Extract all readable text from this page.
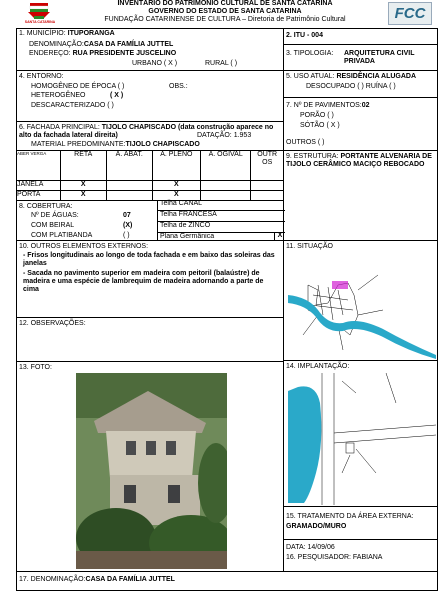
SANTA CATARINA
INVENTÁRIO DO PATRIMÔNIO CULTURAL DE SANTA CATARINA
GOVERNO DO ESTADO DE SANTA CATARINA
FUNDAÇÃO CATARINENSE DE CULTURA – Diretoria de Patrimônio Cultural	FCC
1. MUNICÍPIO: ITUPORANGA
DENOMINAÇÃO:CASA DA FAMÍLIA JUTTEL
ENDEREÇO: RUA PRESIDENTE JUSCELINO
URBANO ( X )	RURAL ( )
2. ITU - 004
3. TIPOLOGIA: ARQUITETURA CIVIL PRIVADA
4. ENTORNO:
HOMOGÊNEO DE ÉPOCA ( )	OBS.:
HETEROGÊNEO	( X )
DESCARACTERIZADO ( )
5. USO ATUAL: RESIDÊNCIA ALUGADA
DESOCUPADO ( ) RUÍNA ( )
6. FACHADA PRINCIPAL: TIJOLO CHAPISCADO (data construção aparece no alto da fachada lateral direita)	DATAÇÃO: 1.953
MATERIAL PREDOMINANTE:TIJOLO CHAPISCADO
7. Nº DE PAVIMENTOS:02
PORÃO ( )
SÓTÃO ( X )
OUTROS ( )
ABER VERGA	RETA	A. ABAT.	A. PLENO	A. OGIVAL	OUTR OS
JANELA	X		X		
PORTA	X		X		
9. ESTRUTURA: PORTANTE ALVENARIA DE TIJOLO CERÂMICO MACIÇO REBOCADO
8. COBERTURA:
Nº DE ÁGUAS:	07
COM BEIRAL	(X)
COM PLATIBANDA	( )
Telha CANAL
Telha FRANCESA
Telha de ZINCO
Plana Germânica	X
10. OUTROS ELEMENTOS EXTERNOS:
- Frisos longitudinais ao longo de toda fachada e em baixo das soleiras das janelas
- Sacada no pavimento superior em madeira com peitoril (balaústre) de madeira e uma espécie de lambrequim de madeira adornando a parte de cima
11. SITUAÇÃO
12. OBSERVAÇÕES:
13. FOTO:	14. IMPLANTAÇÃO:
15. TRATAMENTO DA ÁREA EXTERNA:
GRAMADO/MURO
DATA: 14/09/06
16. PESQUISADOR: FABIANA
17. DENOMINAÇÃO:CASA DA FAMÍLIA JUTTEL
